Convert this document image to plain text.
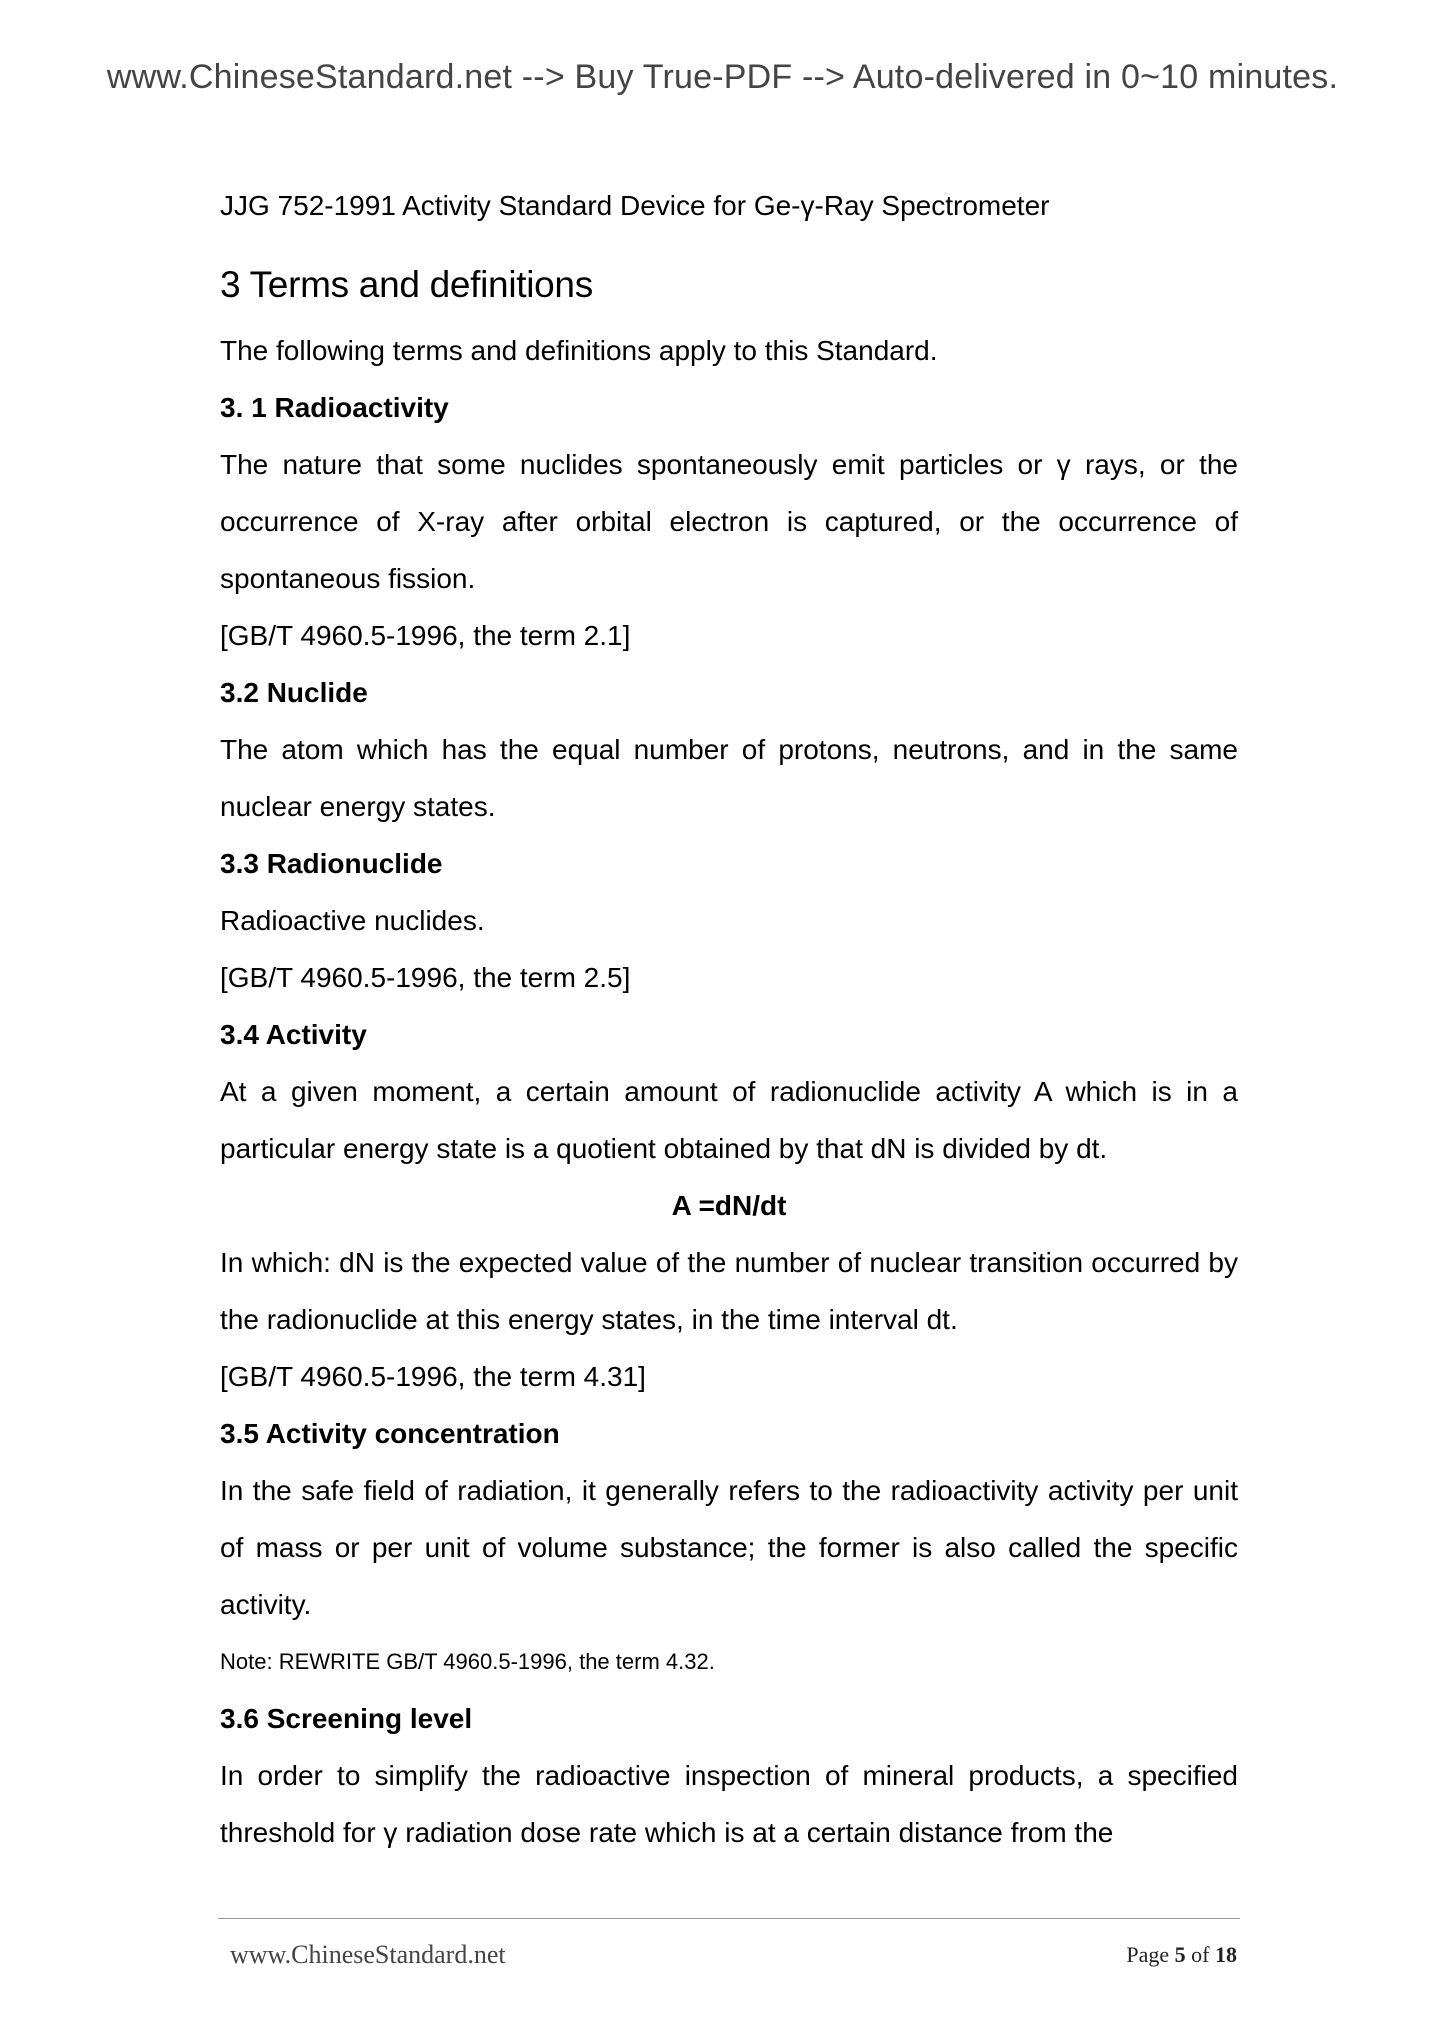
www.ChineseStandard.net --> Buy True-PDF --> Auto-delivered in 0~10 minutes.
JJG 752-1991 Activity Standard Device for Ge-γ-Ray Spectrometer
3 Terms and definitions

The following terms and definitions apply to this Standard.

3. 1 Radioactivity

The nature that some nuclides spontaneously emit particles or γ rays, or the occurrence of X-ray after orbital electron is captured, or the occurrence of spontaneous fission.

[GB/T 4960.5-1996, the term 2.1]

3.2 Nuclide

The atom which has the equal number of protons, neutrons, and in the same nuclear energy states.

3.3 Radionuclide

Radioactive nuclides.

[GB/T 4960.5-1996, the term 2.5]

3.4 Activity

At a given moment, a certain amount of radionuclide activity A which is in a particular energy state is a quotient obtained by that dN is divided by dt.

A =dN/dt

In which: dN is the expected value of the number of nuclear transition occurred by the radionuclide at this energy states, in the time interval dt.

[GB/T 4960.5-1996, the term 4.31]

3.5 Activity concentration

In the safe field of radiation, it generally refers to the radioactivity activity per unit of mass or per unit of volume substance; the former is also called the specific activity.

Note: REWRITE GB/T 4960.5-1996, the term 4.32.

3.6 Screening level

In order to simplify the radioactive inspection of mineral products, a specified threshold for γ radiation dose rate which is at a certain distance from the

www.ChineseStandard.net	Page 5 of 18
